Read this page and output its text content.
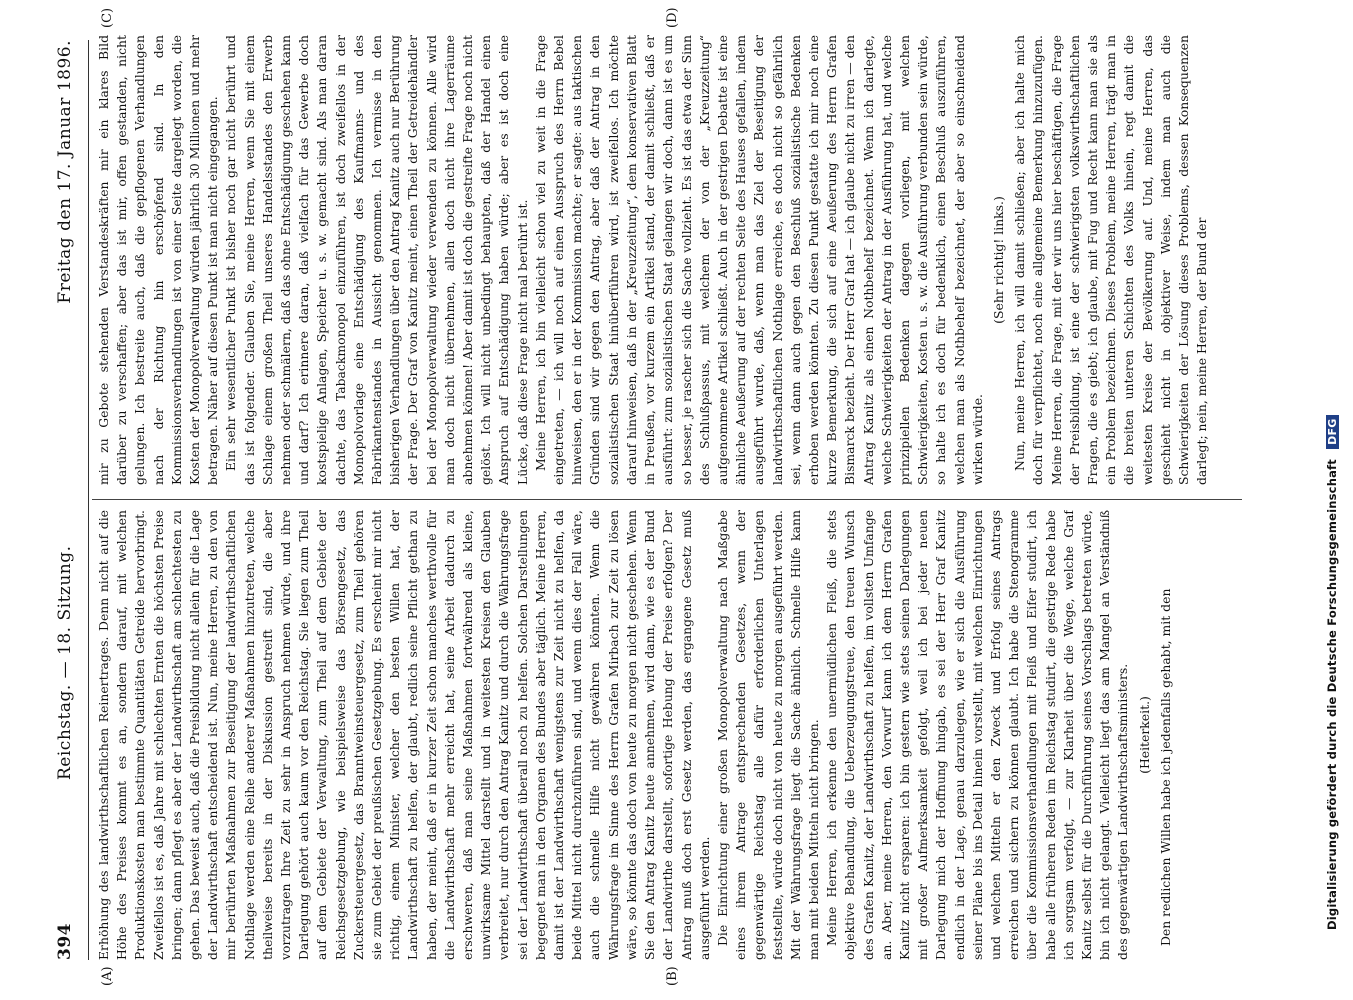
394
Reichstag. — 18. Sitzung.
Freitag den 17. Januar 1896.
(A)	(B)
(C)	(D)

Erhöhung des landwirthschaftlichen Reinertrages. Denn nicht auf die Höhe des Preises kommt es an, sondern darauf, mit welchen Produktionskosten man bestimmte Quantitäten Getreide hervorbringt. Zweifellos ist es, daß Jahre mit schlechten Ernten die höchsten Preise bringen; dann pflegt es aber der Landwirthschaft am schlechtesten zu gehen. Das beweist auch, daß die Preisbildung nicht allein für die Lage der Landwirthschaft entscheidend ist. Nun, meine Herren, zu den von mir berührten Maßnahmen zur Beseitigung der landwirthschaftlichen Nothlage werden eine Reihe anderer Maßnahmen hinzutreten, welche theilweise bereits in der Diskussion gestreift sind, die aber vorzutragen Ihre Zeit zu sehr in Anspruch nehmen würde, und ihre Darlegung gehört auch kaum vor den Reichstag. Sie liegen zum Theil auf dem Gebiete der Verwaltung, zum Theil auf dem Gebiete der Reichsgesetzgebung, wie beispielsweise das Börsengesetz, das Zuckersteuergesetz, das Branntweinsteuergesetz, zum Theil gehören sie zum Gebiet der preußischen Gesetzgebung. Es erscheint mir nicht richtig, einem Minister, welcher den besten Willen hat, der Landwirthschaft zu helfen, der glaubt, redlich seine Pflicht gethan zu haben, der meint, daß er in kurzer Zeit schon manches werthvolle für die Landwirthschaft mehr erreicht hat, seine Arbeit dadurch zu erschweren, daß man seine Maßnahmen fortwährend als kleine, unwirksame Mittel darstellt und in weitesten Kreisen den Glauben verbreitet, nur durch den Antrag Kanitz und durch die Währungsfrage sei der Landwirthschaft überall noch zu helfen. Solchen Darstellungen begegnet man in den Organen des Bundes aber täglich. Meine Herren, damit ist der Landwirthschaft wenigstens zur Zeit nicht zu helfen, da beide Mittel nicht durchzuführen sind, und wenn dies der Fall wäre, auch die schnelle Hilfe nicht gewähren könnten. Wenn die Währungsfrage im Sinne des Herrn Grafen Mirbach zur Zeit zu lösen wäre, so könnte das doch von heute zu morgen nicht geschehen. Wenn Sie den Antrag Kanitz heute annehmen, wird dann, wie es der Bund der Landwirthe darstellt, sofortige Hebung der Preise erfolgen? Der Antrag muß doch erst Gesetz werden, das ergangene Gesetz muß ausgeführt werden. Die Einrichtung einer großen Monopolverwaltung nach Maßgabe eines ihrem Antrage entsprechenden Gesetzes, wenn der gegenwärtige Reichstag alle dafür erforderlichen Unterlagen feststellte, würde doch nicht von heute zu morgen ausgeführt werden. Mit der Währungsfrage liegt die Sache ähnlich. Schnelle Hilfe kann man mit beiden Mitteln nicht bringen. Meine Herren, ich erkenne den unermüdlichen Fleiß, die stets objektive Behandlung, die Ueberzeugungstreue, den treuen Wunsch des Grafen Kanitz, der Landwirthschaft zu helfen, im vollsten Umfange an. Aber, meine Herren, den Vorwurf kann ich dem Herrn Grafen Kanitz nicht ersparen: ich bin gestern wie stets seinen Darlegungen mit großer Aufmerksamkeit gefolgt, weil ich bei jeder neuen Darlegung mich der Hoffnung hingab, es sei der Herr Graf Kanitz endlich in der Lage, genau darzulegen, wie er sich die Ausführung seiner Pläne bis ins Detail hinein vorstellt, mit welchen Einrichtungen und welchen Mitteln er den Zweck und Erfolg seines Antrags erreichen und sichern zu können glaubt. Ich habe die Stenogramme über die Kommissionsverhandlungen mit Fleiß und Eifer studirt, ich habe alle früheren Reden im Reichstag studirt, die gestrige Rede habe ich sorgsam verfolgt, — zur Klarheit über die Wege, welche Graf Kanitz selbst für die Durchführung seines Vorschlags betreten würde, bin ich nicht gelangt. Vielleicht liegt das am Mangel an Verständniß des gegenwärtigen Landwirthschaftsministers. (Heiterkeit.) Den redlichen Willen habe ich jedenfalls gehabt, mit den

mir zu Gebote stehenden Verstandeskräften mir ein klares Bild darüber zu verschaffen; aber das ist mir, offen gestanden, nicht gelungen. Ich bestreite auch, daß die gepflogenen Verhandlungen nach der Richtung hin erschöpfend sind. In den Kommissionsverhandlungen ist von einer Seite dargelegt worden, die Kosten der Monopolverwaltung würden jährlich 30 Millionen und mehr betragen. Näher auf diesen Punkt ist man nicht eingegangen. Ein sehr wesentlicher Punkt ist bisher noch gar nicht berührt und das ist folgender. Glauben Sie, meine Herren, wenn Sie mit einem Schlage einem großen Theil unseres Handelsstandes den Erwerb nehmen oder schmälern, daß das ohne Entschädigung geschehen kann und darf? Ich erinnere daran, daß vielfach für das Gewerbe doch kostspielige Anlagen, Speicher u. s. w. gemacht sind. Als man daran dachte, das Tabackmonopol einzuführen, ist doch zweifellos in der Monopolvorlage eine Entschädigung des Kaufmanns- und des Fabrikantenstandes in Aussicht genommen. Ich vermisse in den bisherigen Verhandlungen über den Antrag Kanitz auch nur Berührung der Frage. Der Graf von Kanitz meint, einen Theil der Getreidehändler bei der Monopolverwaltung wieder verwenden zu können. Alle wird man doch nicht übernehmen, allen doch nicht ihre Lagerräume abnehmen können! Aber damit ist doch die gestreifte Frage noch nicht gelöst. Ich will nicht unbedingt behaupten, daß der Handel einen Anspruch auf Entschädigung haben würde; aber es ist doch eine Lücke, daß diese Frage nicht mal berührt ist. Meine Herren, ich bin vielleicht schon viel zu weit in die Frage eingetreten, — ich will noch auf einen Ausspruch des Herrn Bebel hinweisen, den er in der Kommission machte; er sagte: aus taktischen Gründen sind wir gegen den Antrag, aber daß der Antrag in den sozialistischen Staat hinüberführen wird, ist zweifellos. Ich möchte darauf hinweisen, daß in der „Kreuzzeitung“, dem konservativen Blatt in Preußen, vor kurzem ein Artikel stand, der damit schließt, daß er ausführt: zum sozialistischen Staat gelangen wir doch, dann ist es um so besser, je rascher sich die Sache vollzieht. Es ist das etwa der Sinn des Schlußpassus, mit welchem der von der „Kreuzzeitung“ aufgenommene Artikel schließt. Auch in der gestrigen Debatte ist eine ähnliche Aeußerung auf der rechten Seite des Hauses gefallen, indem ausgeführt wurde, daß, wenn man das Ziel der Beseitigung der landwirthschaftlichen Nothlage erreiche, es doch nicht so gefährlich sei, wenn dann auch gegen den Beschluß sozialistische Bedenken erhoben werden könnten. Zu diesen Punkt gestatte ich mir noch eine kurze Bemerkung, die sich auf eine Aeußerung des Herrn Grafen Bismarck bezieht. Der Herr Graf hat — ich glaube nicht zu irren — den Antrag Kanitz als einen Nothbehelf bezeichnet. Wenn ich darlegte, welche Schwierigkeiten der Antrag in der Ausführung hat, und welche prinzipiellen Bedenken dagegen vorliegen, mit welchen Schwierigkeiten, Kosten u. s. w. die Ausführung verbunden sein würde, so halte ich es doch für bedenklich, einen Beschluß auszuführen, welchen man als Nothbehelf bezeichnet, der aber so einschneidend wirken würde.

(Sehr richtig! links.) Nun, meine Herren, ich will damit schließen; aber ich halte mich doch für verpflichtet, noch eine allgemeine Bemerkung hinzuzufügen. Meine Herren, die Frage, mit der wir uns hier beschäftigen, die Frage der Preisbildung, ist eine der schwierigsten volkswirthschaftlichen Fragen, die es giebt; ich glaube, mit Fug und Recht kann man sie als ein Problem bezeichnen. Dieses Problem, meine Herren, trägt man in die breiten unteren Schichten des Volks hinein, regt damit die weitesten Kreise der Bevölkerung auf. Und, meine Herren, das geschieht nicht in objektiver Weise, indem man auch die Schwierigkeiten der Lösung dieses Problems, dessen Konsequenzen darlegt; nein, meine Herren, der Bund der

Digitalisierung gefördert durch die Deutsche Forschungsgemeinschaft DFG
